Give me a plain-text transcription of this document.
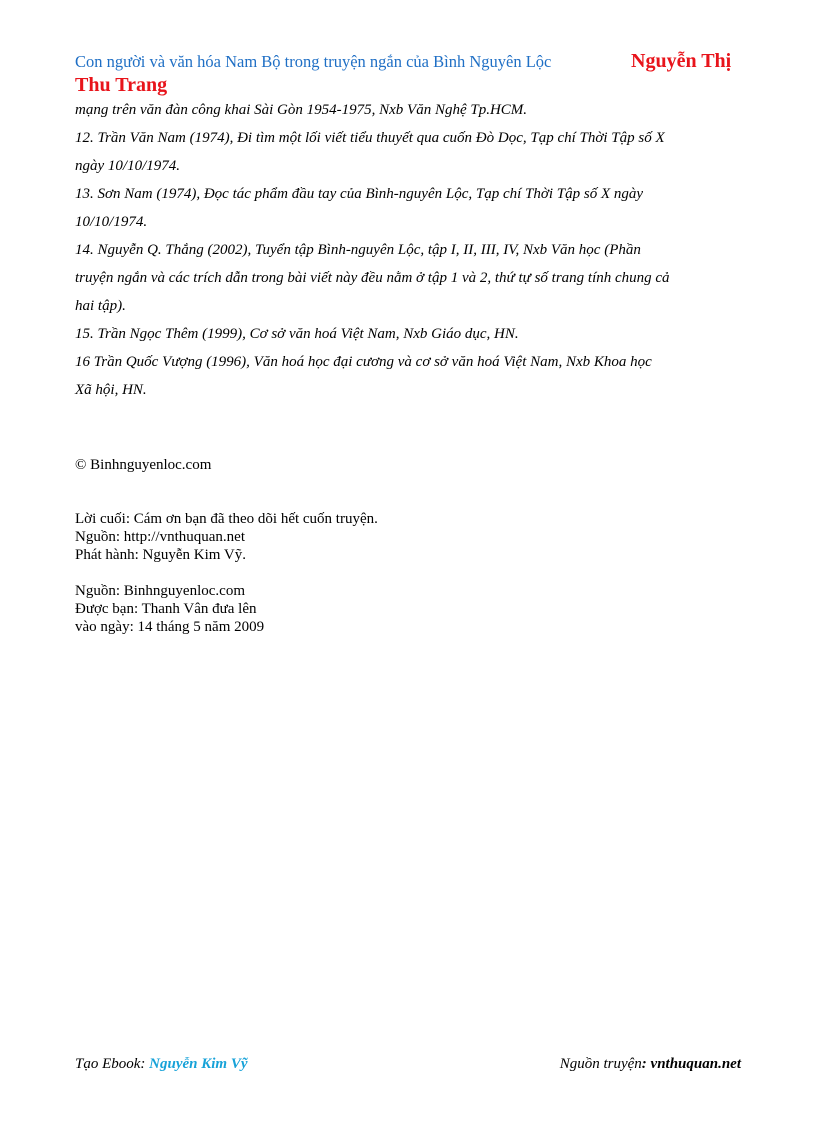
Con người và văn hóa Nam Bộ trong truyện ngắn của Bình Nguyên Lộc	Nguyễn Thị
Thu Trang
mạng trên văn đàn công khai Sài Gòn 1954-1975, Nxb Văn Nghệ Tp.HCM.
12. Trần Văn Nam (1974), Đi tìm một lối viết tiểu thuyết qua cuốn Đò Dọc, Tạp chí Thời Tập số X
ngày 10/10/1974.
13. Sơn Nam (1974), Đọc tác phẩm đầu tay của Bình-nguyên Lộc, Tạp chí Thời Tập số X ngày
10/10/1974.
14. Nguyễn Q. Thắng (2002), Tuyển tập Bình-nguyên Lộc, tập I, II, III, IV, Nxb Văn học (Phần
truyện ngắn và các trích dẫn trong bài viết này đều nằm ở tập 1 và 2, thứ tự số trang tính chung cả
hai tập).
15. Trần Ngọc Thêm (1999), Cơ sở văn hoá Việt Nam, Nxb Giáo dục, HN.
16 Trần Quốc Vượng (1996), Văn hoá học đại cương và cơ sở văn hoá Việt Nam, Nxb Khoa học
Xã hội, HN.
© Binhnguyenloc.com
Lời cuối: Cám ơn bạn đã theo dõi hết cuốn truyện.
Nguồn: http://vnthuquan.net
Phát hành: Nguyễn Kim Vỹ.
Nguồn: Binhnguyenloc.com
Được bạn: Thanh Vân đưa lên
vào ngày: 14 tháng 5 năm 2009
Tạo Ebook: Nguyễn Kim Vỹ	Nguồn truyện: vnthuquan.net
